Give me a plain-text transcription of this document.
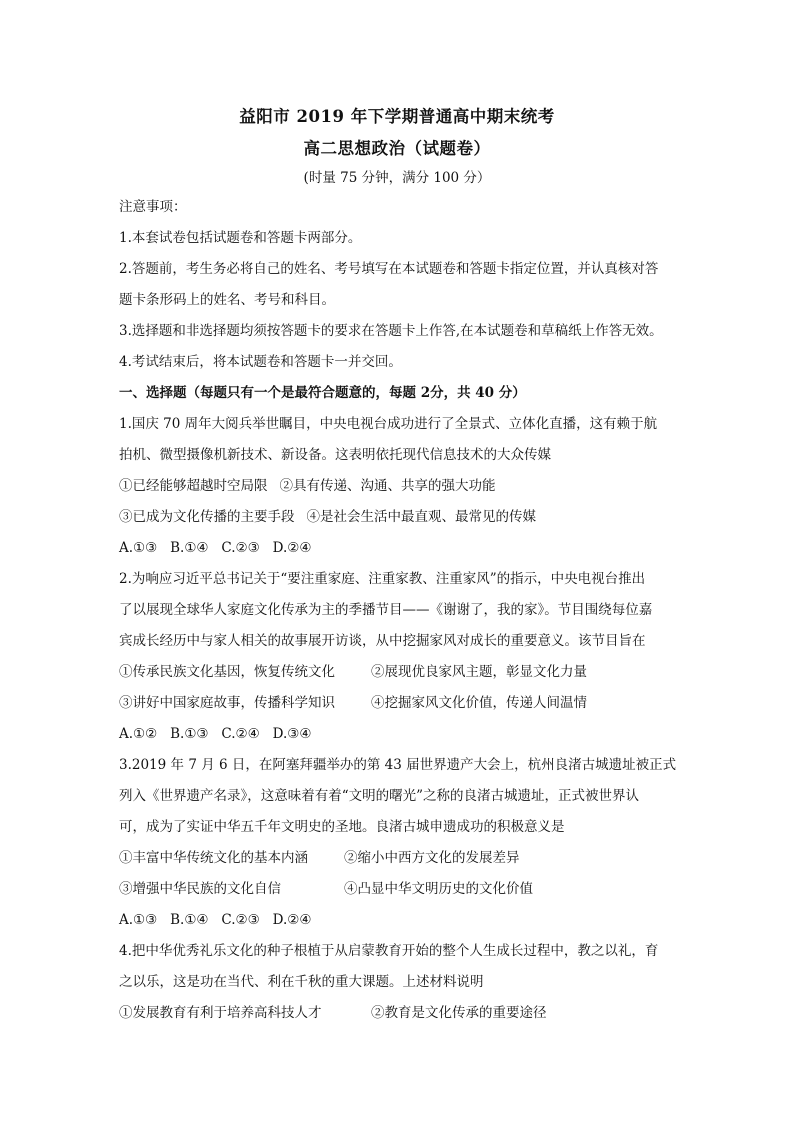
益阳市 2019 年下学期普通高中期末统考
高二思想政治（试题卷）
(时量 75 分钟，满分 100 分）
注意事项：
1.本套试卷包括试题卷和答题卡两部分。
2.答题前，考生务必将自己的姓名、考号填写在本试题卷和答题卡指定位置，并认真核对答
题卡条形码上的姓名、考号和科目。
3.选择题和非选择题均须按答题卡的要求在答题卡上作答,在本试题卷和草稿纸上作答无效。
4.考试结束后，将本试题卷和答题卡一并交回。
一、选择题（每题只有一个是最符合题意的，每题 2分，共 40 分）
1.国庆 70 周年大阅兵举世瞩目，中央电视台成功进行了全景式、立体化直播，这有赖于航
拍机、微型摄像机新技术、新设备。这表明依托现代信息技术的大众传媒
①已经能够超越时空局限 ②具有传递、沟通、共享的强大功能
③已成为文化传播的主要手段 ④是社会生活中最直观、最常见的传媒
A.①③   B.①④   C.②③   D.②④
2.为响应习近平总书记关于“要注重家庭、注重家教、注重家风”的指示，中央电视台推出
了以展现全球华人家庭文化传承为主的季播节目——《谢谢了，我的家》。节目围绕每位嘉
宾成长经历中与家人相关的故事展开访谈，从中挖掘家风对成长的重要意义。该节目旨在
①传承民族文化基因，恢复传统文化	②展现优良家风主题，彰显文化力量
③讲好中国家庭故事，传播科学知识	④挖掘家风文化价值，传递人间温情
A.①②   B.①③   C.②④   D.③④
3.2019 年 7 月 6 日，在阿塞拜疆举办的第 43 届世界遗产大会上，杭州良渚古城遗址被正式
列入《世界遗产名录》，这意味着有着“文明的曙光”之称的良渚古城遗址，正式被世界认
可，成为了实证中华五千年文明史的圣地。良渚古城申遗成功的积极意义是
①丰富中华传统文化的基本内涵	②缩小中西方文化的发展差异
③增强中华民族的文化自信	④凸显中华文明历史的文化价值
A.①③   B.①④   C.②③   D.②④
4.把中华优秀礼乐文化的种子根植于从启蒙教育开始的整个人生成长过程中，教之以礼，育
之以乐，这是功在当代、利在千秋的重大课题。上述材料说明
①发展教育有利于培养高科技人才	②教育是文化传承的重要途径
